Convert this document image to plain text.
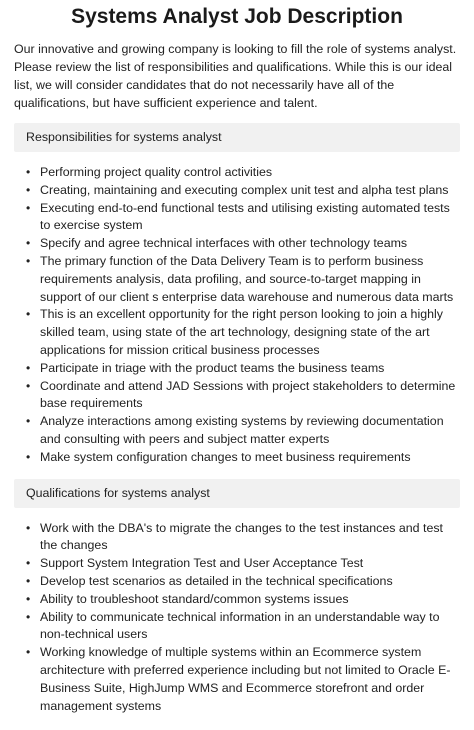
Systems Analyst Job Description

Our innovative and growing company is looking to fill the role of systems analyst. Please review the list of responsibilities and qualifications. While this is our ideal list, we will consider candidates that do not necessarily have all of the qualifications, but have sufficient experience and talent.

Responsibilities for systems analyst
• Performing project quality control activities
• Creating, maintaining and executing complex unit test and alpha test plans
• Executing end-to-end functional tests and utilising existing automated tests to exercise system
• Specify and agree technical interfaces with other technology teams
• The primary function of the Data Delivery Team is to perform business requirements analysis, data profiling, and source-to-target mapping in support of our client s enterprise data warehouse and numerous data marts
• This is an excellent opportunity for the right person looking to join a highly skilled team, using state of the art technology, designing state of the art applications for mission critical business processes
• Participate in triage with the product teams the business teams
• Coordinate and attend JAD Sessions with project stakeholders to determine base requirements
• Analyze interactions among existing systems by reviewing documentation and consulting with peers and subject matter experts
• Make system configuration changes to meet business requirements
Qualifications for systems analyst
• Work with the DBA's to migrate the changes to the test instances and test the changes
• Support System Integration Test and User Acceptance Test
• Develop test scenarios as detailed in the technical specifications
• Ability to troubleshoot standard/common systems issues
• Ability to communicate technical information in an understandable way to non-technical users
• Working knowledge of multiple systems within an Ecommerce system architecture with preferred experience including but not limited to Oracle E-Business Suite, HighJump WMS and Ecommerce storefront and order management systems
